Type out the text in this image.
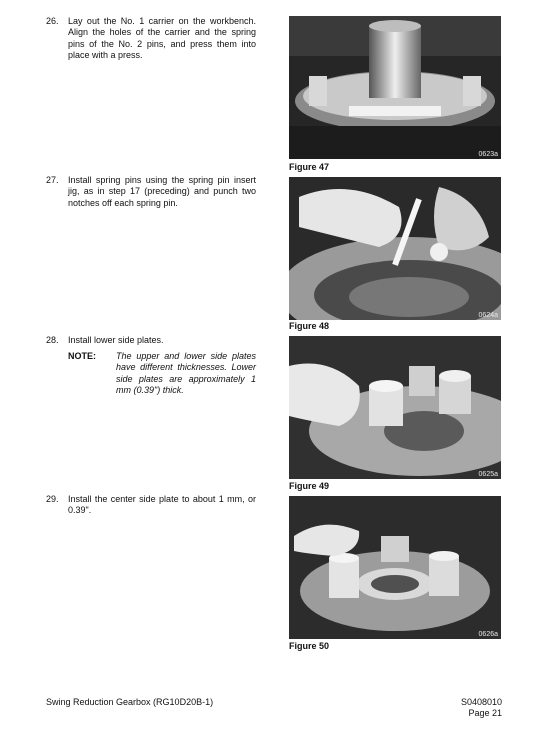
26.	Lay out the No. 1 carrier on the workbench. Align the holes of the carrier and the spring pins of the No. 2 pins, and press them into place with a press.
27.	Install spring pins using the spring pin insert jig, as in step 17 (preceding) and punch two notches off each spring pin.
28.	Install lower side plates.
NOTE: The upper and lower side plates have different thicknesses. Lower side plates are approximately 1 mm (0.39") thick.
29.	Install the center side plate to about 1 mm, or 0.39".
0623a
Figure 47
0624a
Figure 48
0625a
Figure 49
0626a
Figure 50
Swing Reduction Gearbox (RG10D20B-1)	S0408010
Page 21
